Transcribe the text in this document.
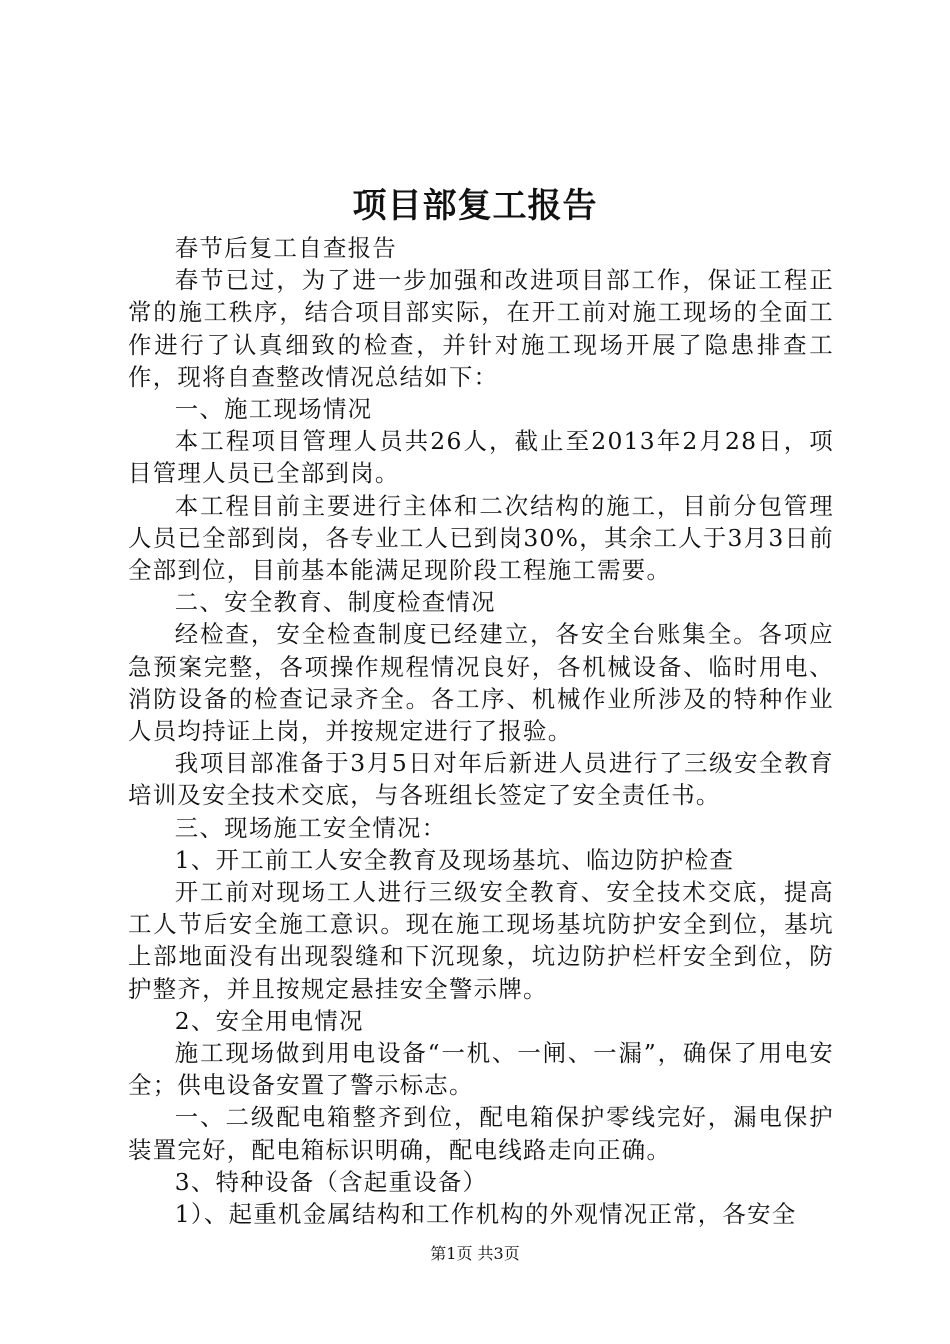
项目部复工报告

春节后复工自查报告

春节已过，为了进一步加强和改进项目部工作，保证工程正常的施工秩序，结合项目部实际，在开工前对施工现场的全面工作进行了认真细致的检查，并针对施工现场开展了隐患排查工作，现将自查整改情况总结如下：

一、施工现场情况

本工程项目管理人员共26人，截止至2013年2月28日，项目管理人员已全部到岗。

本工程目前主要进行主体和二次结构的施工，目前分包管理人员已全部到岗，各专业工人已到岗30%，其余工人于3月3日前全部到位，目前基本能满足现阶段工程施工需要。

二、安全教育、制度检查情况

经检查，安全检查制度已经建立，各安全台账集全。各项应急预案完整，各项操作规程情况良好，各机械设备、临时用电、消防设备的检查记录齐全。各工序、机械作业所涉及的特种作业人员均持证上岗，并按规定进行了报验。

我项目部准备于3月5日对年后新进人员进行了三级安全教育培训及安全技术交底，与各班组长签定了安全责任书。

三、现场施工安全情况：

1、开工前工人安全教育及现场基坑、临边防护检查

开工前对现场工人进行三级安全教育、安全技术交底，提高工人节后安全施工意识。现在施工现场基坑防护安全到位，基坑上部地面没有出现裂缝和下沉现象，坑边防护栏杆安全到位，防护整齐，并且按规定悬挂安全警示牌。

2、安全用电情况

施工现场做到用电设备“一机、一闸、一漏”，确保了用电安全；供电设备安置了警示标志。

一、二级配电箱整齐到位，配电箱保护零线完好，漏电保护装置完好，配电箱标识明确，配电线路走向正确。

3、特种设备（含起重设备）

1）、起重机金属结构和工作机构的外观情况正常，各安全

第1页 共3页
